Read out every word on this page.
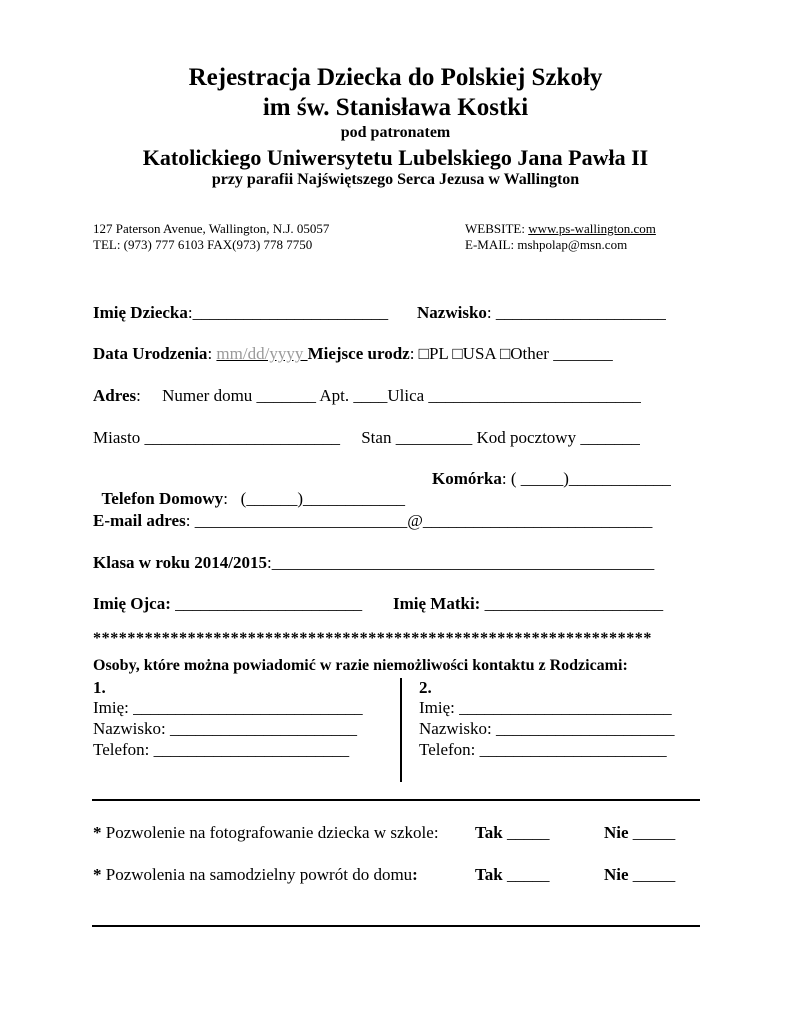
Rejestracja Dziecka do Polskiej Szkoły
im św. Stanisława Kostki
pod patronatem
Katolickiego Uniwersytetu Lubelskiego Jana Pawła II
przy parafii Najświętszego Serca Jezusa w Wallington
127 Paterson Avenue, Wallington, N.J. 05057
TEL: (973) 777 6103 FAX(973) 778 7750
WEBSITE: www.ps-wallington.com
E-MAIL: mshpolap@msn.com
Imię Dziecka:_______________________ Nazwisko: ____________________
Data Urodzenia: mm/dd/yyyy Miejsce urodz: □PL □USA □Other _______
Adres:     Numer domu _______ Apt. ____Ulica _________________________
Miasto _______________________     Stan _________ Kod pocztowy _______

Telefon Domowy:   (______)____________

Komórka: ( _____)____________
E-mail adres: _________________________@___________________________
Klasa w roku 2014/2015:_____________________________________________
Imię Ojca: ______________________ Imię Matki: _____________________
*****************************************************************
Osoby, które można powiadomić w razie niemożliwości kontaktu z Rodzicami:
1.
Imię: ___________________________
Nazwisko: ______________________
Telefon: _______________________
2.
Imię: _________________________
Nazwisko: _____________________
Telefon: ______________________
* Pozwolenie na fotografowanie dziecka w szkole: Tak _____	Nie _____
* Pozwolenia na samodzielny powrót do domu:	Tak _____	Nie _____
